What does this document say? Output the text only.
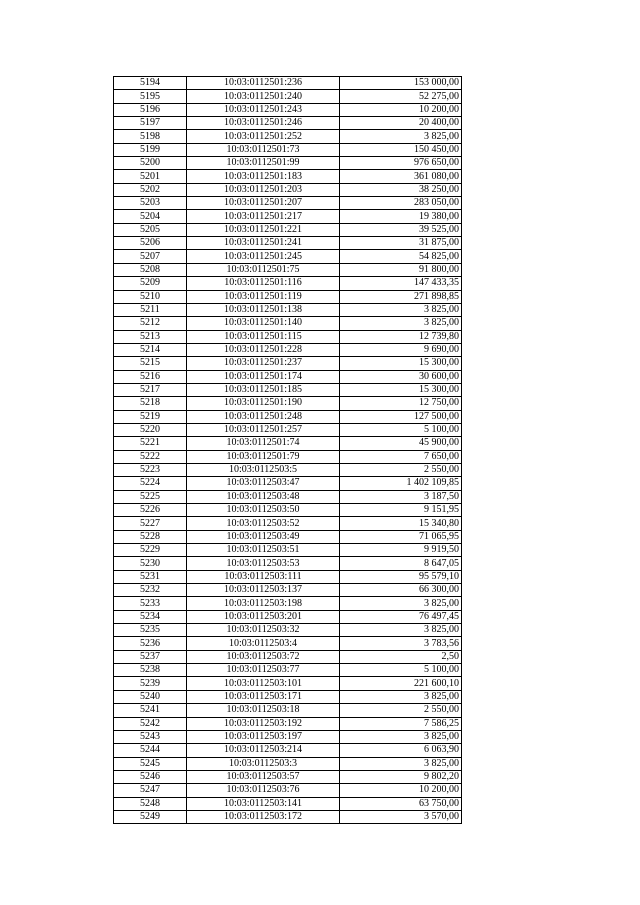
5194	10:03:0112501:236	153 000,00
5195	10:03:0112501:240	52 275,00
5196	10:03:0112501:243	10 200,00
5197	10:03:0112501:246	20 400,00
5198	10:03:0112501:252	3 825,00
5199	10:03:0112501:73	150 450,00
5200	10:03:0112501:99	976 650,00
5201	10:03:0112501:183	361 080,00
5202	10:03:0112501:203	38 250,00
5203	10:03:0112501:207	283 050,00
5204	10:03:0112501:217	19 380,00
5205	10:03:0112501:221	39 525,00
5206	10:03:0112501:241	31 875,00
5207	10:03:0112501:245	54 825,00
5208	10:03:0112501:75	91 800,00
5209	10:03:0112501:116	147 433,35
5210	10:03:0112501:119	271 898,85
5211	10:03:0112501:138	3 825,00
5212	10:03:0112501:140	3 825,00
5213	10:03:0112501:115	12 739,80
5214	10:03:0112501:228	9 690,00
5215	10:03:0112501:237	15 300,00
5216	10:03:0112501:174	30 600,00
5217	10:03:0112501:185	15 300,00
5218	10:03:0112501:190	12 750,00
5219	10:03:0112501:248	127 500,00
5220	10:03:0112501:257	5 100,00
5221	10:03:0112501:74	45 900,00
5222	10:03:0112501:79	7 650,00
5223	10:03:0112503:5	2 550,00
5224	10:03:0112503:47	1 402 109,85
5225	10:03:0112503:48	3 187,50
5226	10:03:0112503:50	9 151,95
5227	10:03:0112503:52	15 340,80
5228	10:03:0112503:49	71 065,95
5229	10:03:0112503:51	9 919,50
5230	10:03:0112503:53	8 647,05
5231	10:03:0112503:111	95 579,10
5232	10:03:0112503:137	66 300,00
5233	10:03:0112503:198	3 825,00
5234	10:03:0112503:201	76 497,45
5235	10:03:0112503:32	3 825,00
5236	10:03:0112503:4	3 783,56
5237	10:03:0112503:72	2,50
5238	10:03:0112503:77	5 100,00
5239	10:03:0112503:101	221 600,10
5240	10:03:0112503:171	3 825,00
5241	10:03:0112503:18	2 550,00
5242	10:03:0112503:192	7 586,25
5243	10:03:0112503:197	3 825,00
5244	10:03:0112503:214	6 063,90
5245	10:03:0112503:3	3 825,00
5246	10:03:0112503:57	9 802,20
5247	10:03:0112503:76	10 200,00
5248	10:03:0112503:141	63 750,00
5249	10:03:0112503:172	3 570,00
